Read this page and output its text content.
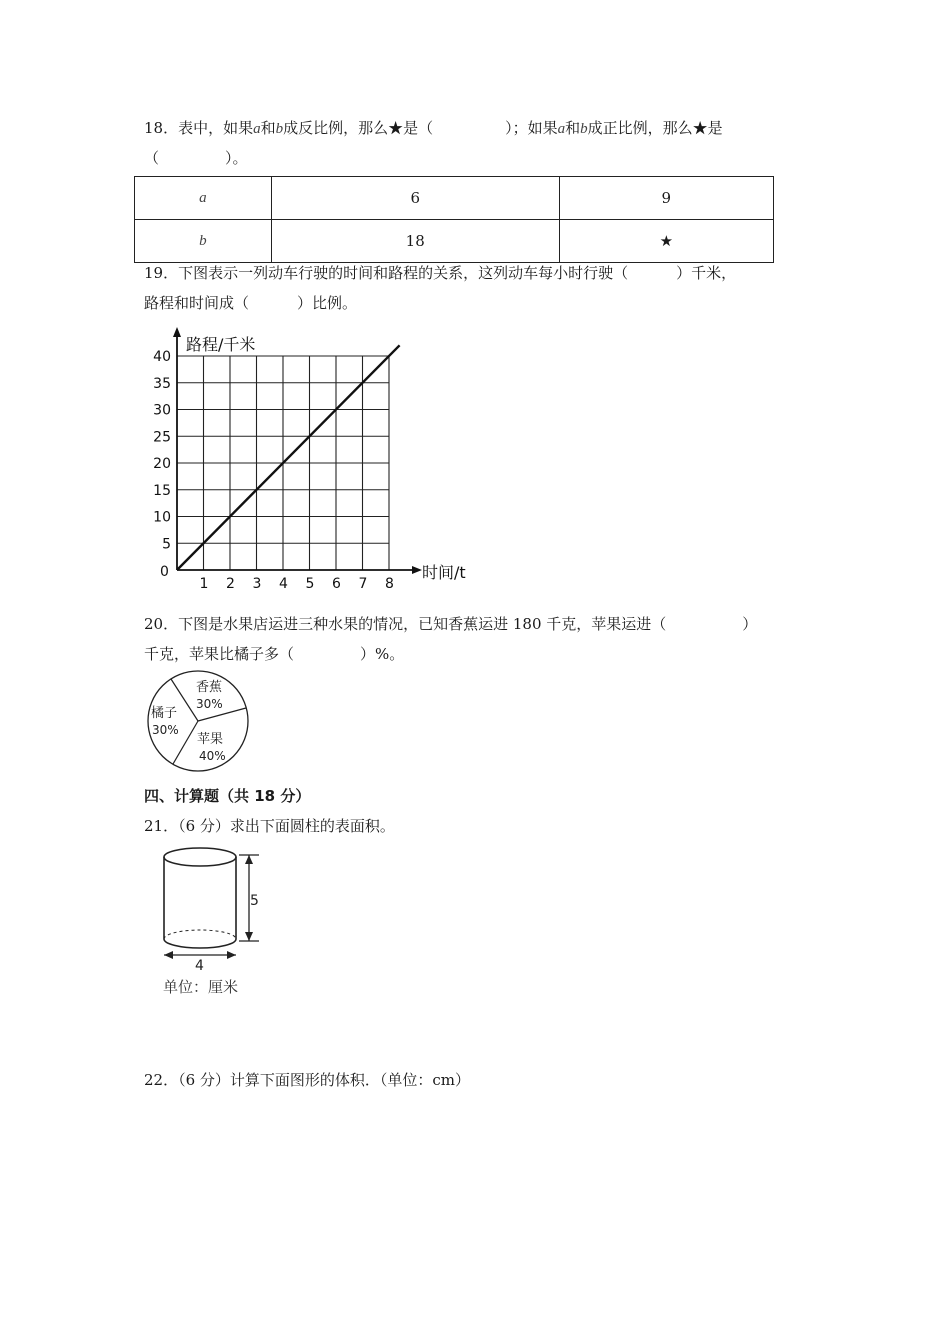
18．表中，如果a和b成反比例，那么★是（	）；如果a和b成正比例，那么★是
（	）。
a	6	9
b	18	★
19．下图表示一列动车行驶的时间和路程的关系，这列动车每小时行驶（	）千米，
路程和时间成（	）比例。
1 2 3 4 5 6 7 8
5
10
15
20
25
30
35
40
0
路程/千米
时间/t
20．下图是水果店运进三种水果的情况，已知香蕉运进 180 千克，苹果运进（	）
千克，苹果比橘子多（	）%。
香蕉
30%
橘子
30%
苹果
40%
四、计算题（共 18 分）
21．（6 分）求出下面圆柱的表面积。
5
4
单位：厘米
22．（6 分）计算下面图形的体积．（单位：cm）
